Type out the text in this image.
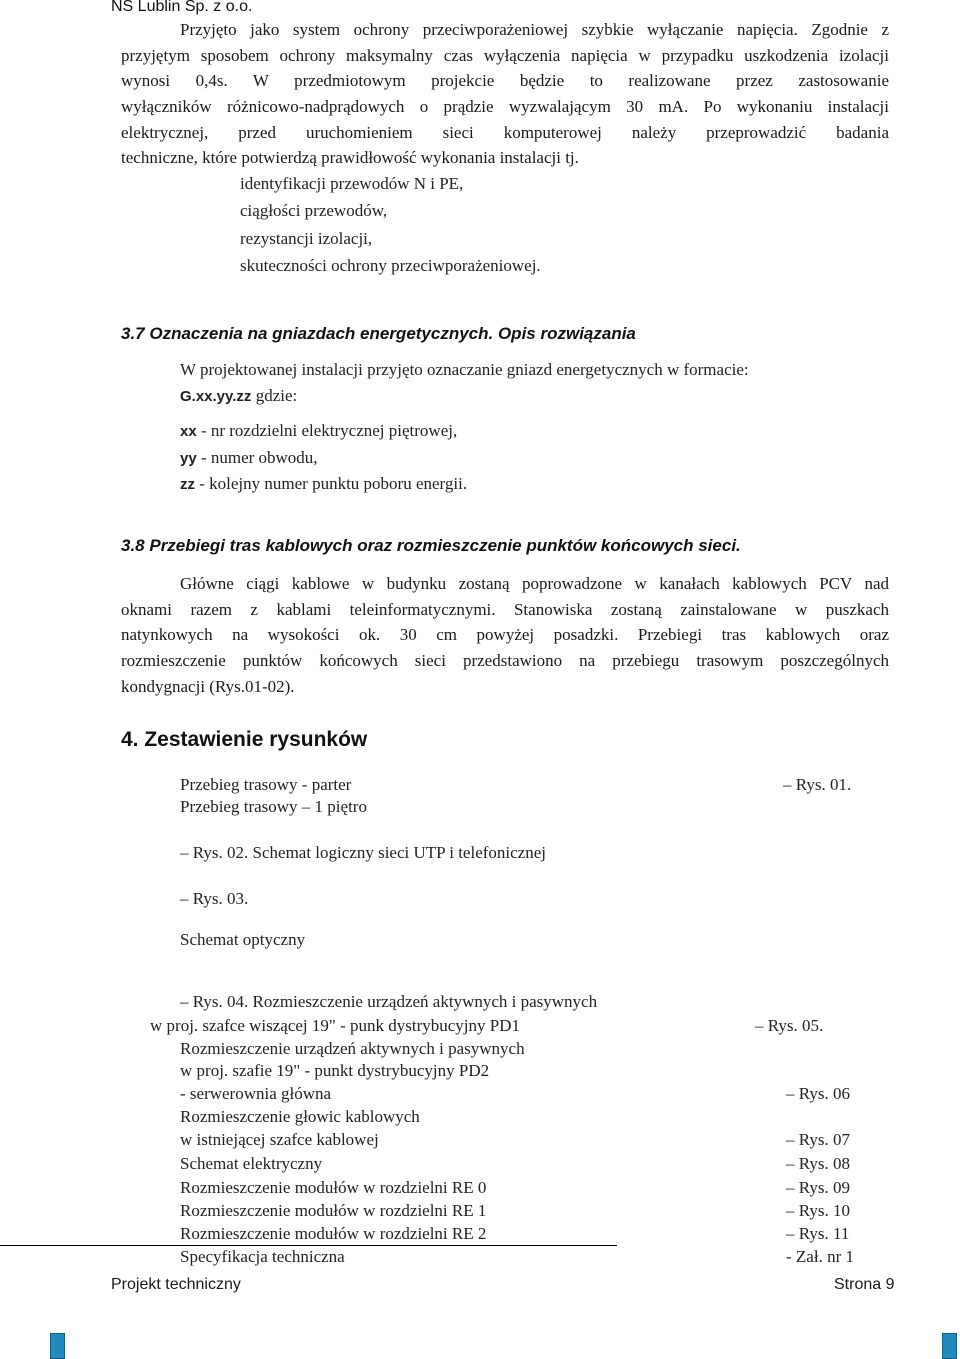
NS Lublin Sp. z o.o.
Przyjęto jako system ochrony przeciwporażeniowej szybkie wyłączanie napięcia. Zgodnie z
przyjętym sposobem ochrony maksymalny czas wyłączenia napięcia w przypadku uszkodzenia izolacji
wynosi 0,4s. W przedmiotowym projekcie będzie to realizowane przez zastosowanie
wyłączników różnicowo-nadprądowych o prądzie wyzwalającym 30 mA. Po wykonaniu instalacji
elektrycznej, przed uruchomieniem sieci komputerowej należy przeprowadzić badania
techniczne, które potwierdzą prawidłowość wykonania instalacji tj.
identyfikacji przewodów N i PE,
ciągłości przewodów,
rezystancji izolacji,
skuteczności ochrony przeciwporażeniowej.
3.7 Oznaczenia na gniazdach energetycznych. Opis rozwiązania
W projektowanej instalacji przyjęto oznaczanie gniazd energetycznych w formacie:
G.xx.yy.zz gdzie:
xx - nr rozdzielni elektrycznej piętrowej,
yy - numer obwodu,
zz - kolejny numer punktu poboru energii.
3.8 Przebiegi tras kablowych oraz rozmieszczenie punktów końcowych sieci.
Główne ciągi kablowe w budynku zostaną poprowadzone w kanałach kablowych PCV nad
oknami razem z kablami teleinformatycznymi. Stanowiska zostaną zainstalowane w puszkach
natynkowych na wysokości ok. 30 cm powyżej posadzki. Przebiegi tras kablowych oraz
rozmieszczenie punktów końcowych sieci przedstawiono na przebiegu trasowym poszczególnych
kondygnacji (Rys.01-02).
4. Zestawienie rysunków
Przebieg trasowy - parter	– Rys. 01.
Przebieg trasowy – 1 piętro
– Rys. 02. Schemat logiczny sieci UTP i telefonicznej
– Rys. 03.
Schemat optyczny
– Rys. 04. Rozmieszczenie urządzeń aktywnych i pasywnych
w proj. szafce wiszącej 19" - punk dystrybucyjny PD1	– Rys. 05.
Rozmieszczenie urządzeń aktywnych i pasywnych
w proj. szafie 19" - punkt dystrybucyjny PD2
- serwerownia główna	– Rys. 06
Rozmieszczenie głowic kablowych
w istniejącej szafce kablowej	– Rys. 07
Schemat elektryczny	– Rys. 08
Rozmieszczenie modułów w rozdzielni RE 0	– Rys. 09
Rozmieszczenie modułów w rozdzielni RE 1	– Rys. 10
Rozmieszczenie modułów w rozdzielni RE 2	– Rys. 11
Specyfikacja techniczna	- Zał. nr 1
Projekt techniczny	Strona 9
